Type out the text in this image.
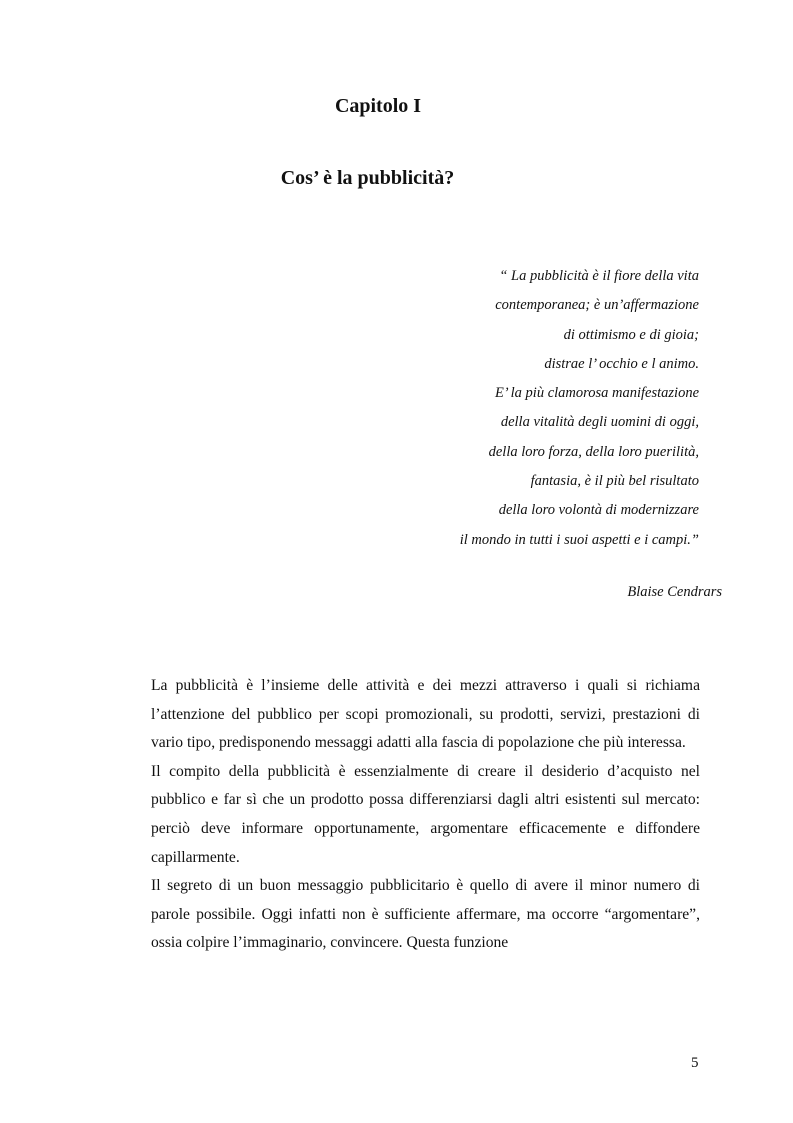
Capitolo I
Cos’ è la pubblicità?
“ La pubblicità è il fiore della vita
contemporanea; è un’affermazione
di ottimismo e di gioia;
distrae l’ occhio e l animo.
E’ la più clamorosa manifestazione
della vitalità degli uomini di oggi,
della loro forza, della loro puerilità,
fantasia, è il più bel risultato
della loro volontà di modernizzare
il mondo in tutti i suoi aspetti e i campi.”
Blaise Cendrars

La pubblicità è l’insieme delle attività e dei mezzi attraverso i quali si richiama l’attenzione del pubblico per scopi promozionali, su prodotti, servizi, prestazioni di vario tipo, predisponendo messaggi adatti alla fascia di popolazione che più interessa.

Il compito della pubblicità è essenzialmente di creare il desiderio d’acquisto nel pubblico e far sì che un prodotto possa differenziarsi dagli altri esistenti sul mercato: perciò deve informare opportunamente, argomentare efficacemente e diffondere capillarmente.

Il segreto di un buon messaggio pubblicitario è quello di avere il minor numero di parole possibile. Oggi infatti non è sufficiente affermare, ma occorre “argomentare”, ossia colpire l’immaginario, convincere. Questa funzione

5
